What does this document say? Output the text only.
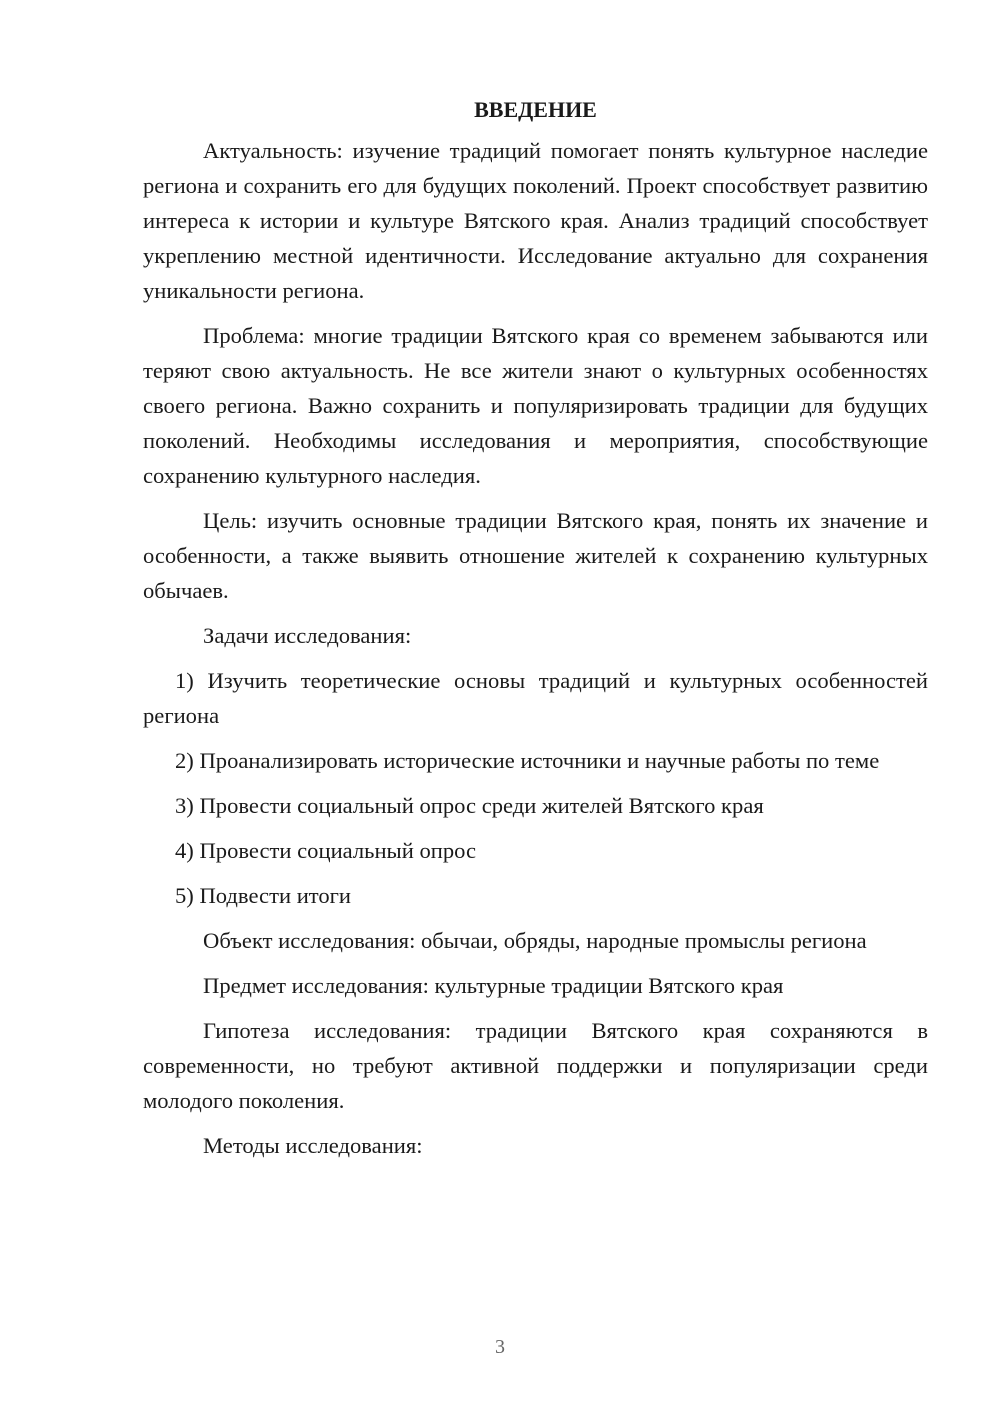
ВВЕДЕНИЕ

Актуальность: изучение традиций помогает понять культурное наследие региона и сохранить его для будущих поколений. Проект способствует развитию интереса к истории и культуре Вятского края. Анализ традиций способствует укреплению местной идентичности. Исследование актуально для сохранения уникальности региона.

Проблема: многие традиции Вятского края со временем забываются или теряют свою актуальность. Не все жители знают о культурных особенностях своего региона. Важно сохранить и популяризировать традиции для будущих поколений. Необходимы исследования и мероприятия, способствующие сохранению культурного наследия.

Цель: изучить основные традиции Вятского края, понять их значение и особенности, а также выявить отношение жителей к сохранению культурных обычаев.

Задачи исследования:

1) Изучить теоретические основы традиций и культурных особенностей региона

2) Проанализировать исторические источники и научные работы по теме

3) Провести социальный опрос среди жителей Вятского края

4) Провести социальный опрос

5) Подвести итоги

Объект исследования: обычаи, обряды, народные промыслы региона

Предмет исследования: культурные традиции Вятского края

Гипотеза исследования: традиции Вятского края сохраняются в современности, но требуют активной поддержки и популяризации среди молодого поколения.

Методы исследования:

3
